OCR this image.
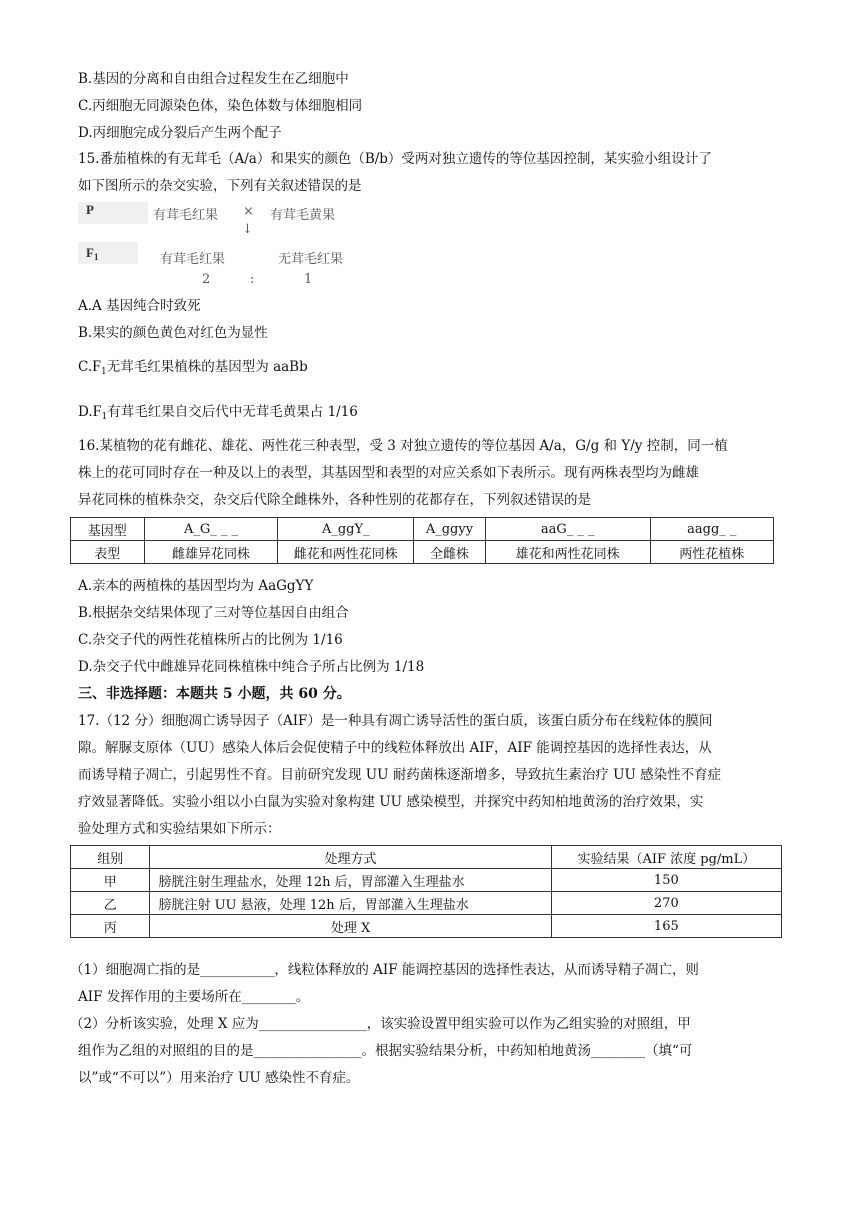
B.基因的分离和自由组合过程发生在乙细胞中
C.丙细胞无同源染色体，染色体数与体细胞相同
D.丙细胞完成分裂后产生两个配子
15.番茄植株的有无茸毛（A/a）和果实的颜色（B/b）受两对独立遗传的等位基因控制，某实验小组设计了
如下图所示的杂交实验，下列有关叙述错误的是
P	有茸毛红果 × 有茸毛黄果
↓
$F_1$	有茸毛红果	无茸毛红果
2	:	1
A.A 基因纯合时致死
B.果实的颜色黄色对红色为显性
$C.F_1$无茸毛红果植株的基因型为 aaBb
$D.F_1$有茸毛红果自交后代中无茸毛黄果占 1/16
16.某植物的花有雌花、雄花、两性花三种表型，受 3 对独立遗传的等位基因 A/a，G/g 和 Y/y 控制，同一植
株上的花可同时存在一种及以上的表型，其基因型和表型的对应关系如下表所示。现有两株表型均为雌雄
异花同株的植株杂交，杂交后代除全雌株外，各种性别的花都存在，下列叙述错误的是
基因型	A_G_ _ _	A_ggY_	A_ggyy	aaG_ _ _	aagg_ _
表型	雌雄异花同株	雌花和两性花同株	全雌株	雄花和两性花同株	两性花植株
A.亲本的两植株的基因型均为 AaGgYY
B.根据杂交结果体现了三对等位基因自由组合
C.杂交子代的两性花植株所占的比例为 1/16
D.杂交子代中雌雄异花同株植株中纯合子所占比例为 1/18
三、非选择题：本题共 5 小题，共 60 分。
17.（12 分）细胞凋亡诱导因子（AIF）是一种具有凋亡诱导活性的蛋白质，该蛋白质分布在线粒体的膜间
隙。解脲支原体（UU）感染人体后会促使精子中的线粒体释放出 AIF，AIF 能调控基因的选择性表达，从
而诱导精子凋亡，引起男性不育。目前研究发现 UU 耐药菌株逐渐增多，导致抗生素治疗 UU 感染性不育症
疗效显著降低。实验小组以小白鼠为实验对象构建 UU 感染模型，并探究中药知柏地黄汤的治疗效果，实
验处理方式和实验结果如下所示：
组别	处理方式	实验结果（AIF 浓度 pg/mL）
甲	膀胱注射生理盐水，处理 12h 后，胃部灌入生理盐水	150
乙	膀胱注射 UU 悬液，处理 12h 后，胃部灌入生理盐水	270
丙	处理 X	165
（1）细胞凋亡指的是___________，线粒体释放的 AIF 能调控基因的选择性表达，从而诱导精子凋亡，则
AIF 发挥作用的主要场所在________。
（2）分析该实验，处理 X 应为________________，该实验设置甲组实验可以作为乙组实验的对照组，甲
组作为乙组的对照组的目的是________________。根据实验结果分析，中药知柏地黄汤________（填“可
以”或“不可以”）用来治疗 UU 感染性不育症。
